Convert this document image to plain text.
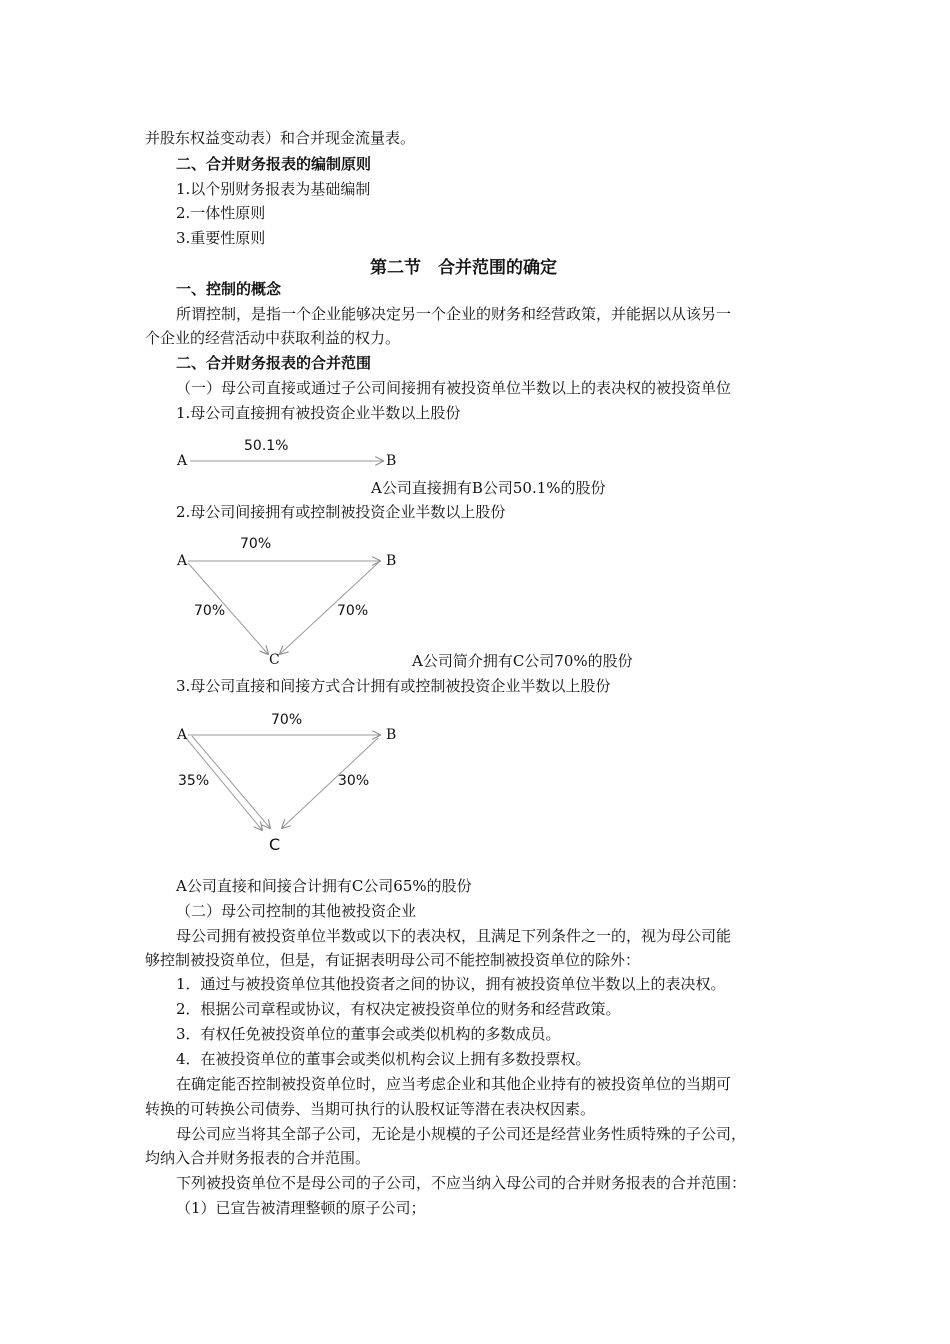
并股东权益变动表）和合并现金流量表。
二、合并财务报表的编制原则
1.以个别财务报表为基础编制
2.一体性原则
3.重要性原则
第二节　合并范围的确定
一、控制的概念
所谓控制，是指一个企业能够决定另一个企业的财务和经营政策，并能据以从该另一
个企业的经营活动中获取利益的权力。
二、合并财务报表的合并范围
（一）母公司直接或通过子公司间接拥有被投资单位半数以上的表决权的被投资单位
1.母公司直接拥有被投资企业半数以上股份
A	B
50.1%
A公司直接拥有B公司50.1%的股份
2.母公司间接拥有或控制被投资企业半数以上股份
A	B
C
70%
70%	70%
A公司简介拥有C公司70%的股份
3.母公司直接和间接方式合计拥有或控制被投资企业半数以上股份
A	B
C
70%
35%	30%
A公司直接和间接合计拥有C公司65%的股份
（二）母公司控制的其他被投资企业
母公司拥有被投资单位半数或以下的表决权，且满足下列条件之一的，视为母公司能
够控制被投资单位，但是，有证据表明母公司不能控制被投资单位的除外：
1．通过与被投资单位其他投资者之间的协议，拥有被投资单位半数以上的表决权。
2．根据公司章程或协议，有权决定被投资单位的财务和经营政策。
3．有权任免被投资单位的董事会或类似机构的多数成员。
4．在被投资单位的董事会或类似机构会议上拥有多数投票权。
在确定能否控制被投资单位时，应当考虑企业和其他企业持有的被投资单位的当期可
转换的可转换公司债券、当期可执行的认股权证等潜在表决权因素。
母公司应当将其全部子公司，无论是小规模的子公司还是经营业务性质特殊的子公司，
均纳入合并财务报表的合并范围。
下列被投资单位不是母公司的子公司，不应当纳入母公司的合并财务报表的合并范围：
（1）已宣告被清理整顿的原子公司；
